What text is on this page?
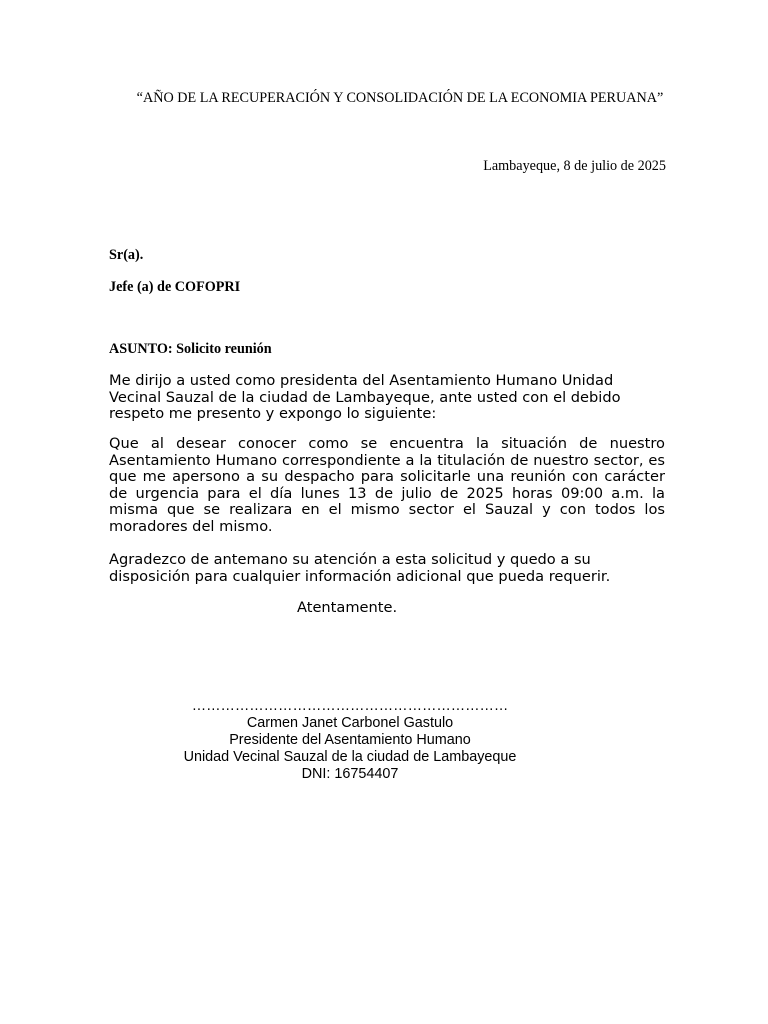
“AÑO DE LA RECUPERACIÓN Y CONSOLIDACIÓN DE LA ECONOMIA PERUANA”
Lambayeque, 8 de julio de 2025
Sr(a).
Jefe (a) de COFOPRI
ASUNTO: Solicito reunión

Me dirijo a usted como presidenta del Asentamiento Humano Unidad Vecinal Sauzal de la ciudad de Lambayeque, ante usted con el debido respeto me presento y expongo lo siguiente:

Que al desear conocer como se encuentra la situación de nuestro Asentamiento Humano correspondiente a la titulación de nuestro sector, es que me apersono a su despacho para solicitarle una reunión con carácter de urgencia para el día lunes 13 de julio de 2025 horas 09:00 a.m. la misma que se realizara en el mismo sector el Sauzal y con todos los moradores del mismo.

Agradezco de antemano su atención a esta solicitud y quedo a su disposición para cualquier información adicional que pueda requerir.

Atentamente.
…………………………………………………………
Carmen Janet Carbonel Gastulo
Presidente del Asentamiento Humano
Unidad Vecinal Sauzal de la ciudad de Lambayeque
DNI: 16754407
